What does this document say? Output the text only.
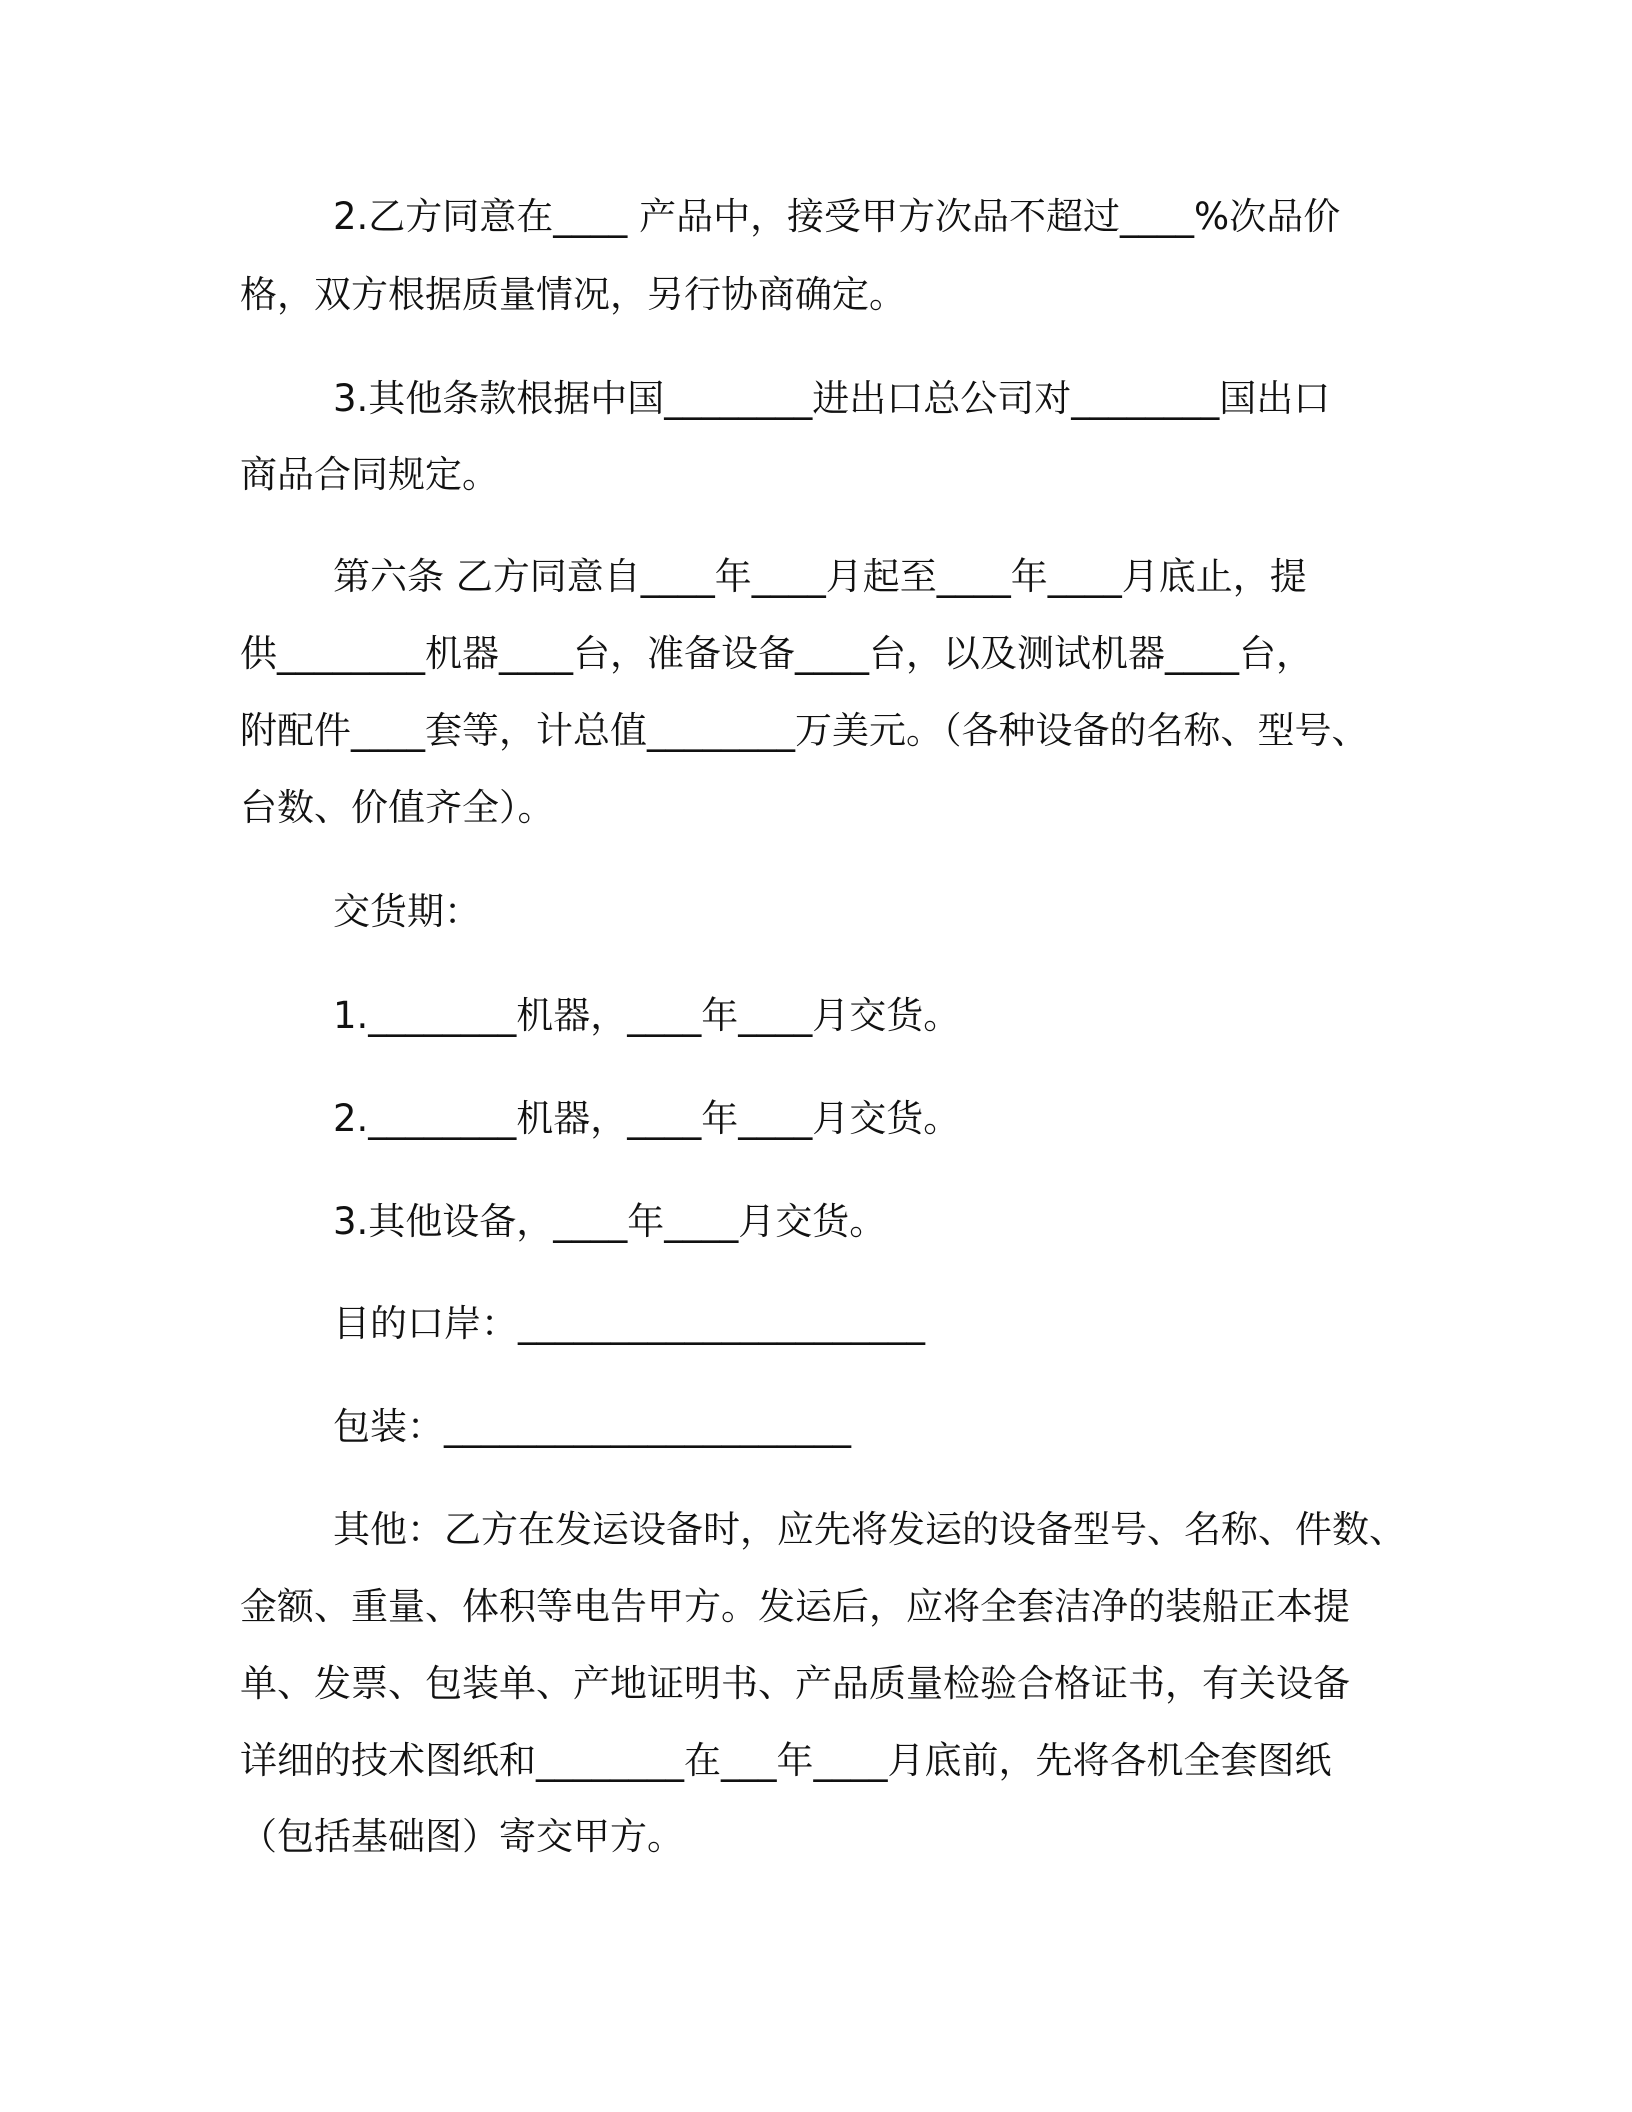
2.乙方同意在____ 产品中，接受甲方次品不超过____%次品价
格，双方根据质量情况，另行协商确定。
3.其他条款根据中国________进出口总公司对________国出口
商品合同规定。
第六条 乙方同意自____年____月起至____年____月底止，提
供________机器____台，准备设备____台，以及测试机器____台，
附配件____套等，计总值________万美元。（各种设备的名称、型号、
台数、价值齐全）。
交货期：
1.________机器，____年____月交货。
2.________机器，____年____月交货。
3.其他设备，____年____月交货。
目的口岸：______________________
包装：______________________
其他：乙方在发运设备时，应先将发运的设备型号、名称、件数、
金额、重量、体积等电告甲方。发运后，应将全套洁净的装船正本提
单、发票、包装单、产地证明书、产品质量检验合格证书，有关设备
详细的技术图纸和________在___年____月底前，先将各机全套图纸
（包括基础图）寄交甲方。
